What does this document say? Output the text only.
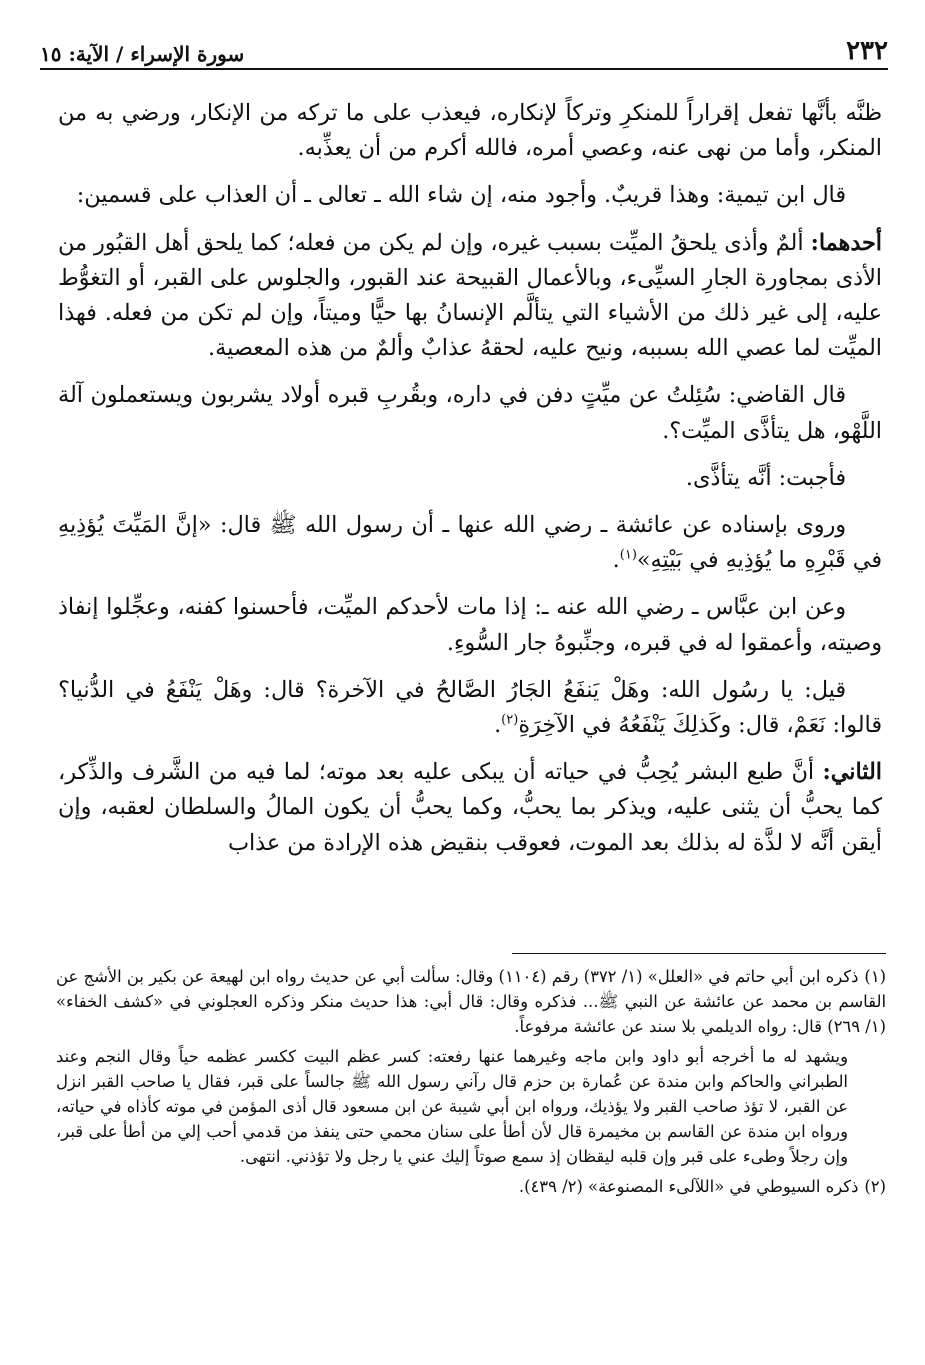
٢٣٢
سورة الإسراء / الآية: ١٥

ظنَّه بأنَّها تفعل إقراراً للمنكرِ وتركاً لإنكاره، فيعذب على ما تركه من الإنكار، ورضي به من المنكر، وأما من نهى عنه، وعصي أمره، فالله أكرم من أن يعذِّبه.

قال ابن تيمية: وهذا قريبٌ. وأجود منه، إن شاء الله ـ تعالى ـ أن العذاب على قسمين:

أحدهما: ألمٌ وأذى يلحقُ الميِّت بسبب غيره، وإن لم يكن من فعله؛ كما يلحق أهل القبُور من الأذى بمجاورة الجارِ السيِّىء، وبالأعمال القبيحة عند القبور، والجلوس على القبر، أو التغوُّط عليه، إلى غير ذلك من الأشياء التي يتألَّم الإنسانُ بها حيًّا وميتاً، وإن لم تكن من فعله. فهذا الميِّت لما عصي الله بسببه، ونيح عليه، لحقهُ عذابٌ وألمٌ من هذه المعصية.

قال القاضي: سُئِلتُ عن ميِّتٍ دفن في داره، وبقُربِ قبره أولاد يشربون ويستعملون آلة اللَّهْو، هل يتأذَّى الميِّت؟.

فأجبت: أنَّه يتأذَّى.

وروى بإسناده عن عائشة ـ رضي الله عنها ـ أن رسول الله ﷺ قال: «إنَّ المَيِّتَ يُؤذِيهِ في قَبْرِهِ ما يُؤذِيهِ في بَيْتِهِ»$^{(١)}$.

وعن ابن عبَّاس ـ رضي الله عنه ـ: إذا مات لأحدكم الميِّت، فأحسنوا كفنه، وعجِّلوا إنفاذ وصيته، وأعمقوا له في قبره، وجنِّبوهُ جار السُّوءِ.

قيل: يا رسُول الله: وهَلْ يَنفَعُ الجَارُ الصَّالحُ في الآخرة؟ قال: وهَلْ يَنْفَعُ في الدُّنيا؟ قالوا: نَعَمْ، قال: وكَذلِكَ يَنْفَعُهُ في الآخِرَةِ$^{(٢)}$.

الثاني: أنَّ طبع البشر يُحِبُّ في حياته أن يبكى عليه بعد موته؛ لما فيه من الشَّرف والذِّكر، كما يحبُّ أن يثنى عليه، ويذكر بما يحبُّ، وكما يحبُّ أن يكون المالُ والسلطان لعقبه، وإن أيقن أنَّه لا لذَّة له بذلك بعد الموت، فعوقب بنقيض هذه الإرادة من عذاب

(١)ذكره ابن أبي حاتم في «العلل» (١/ ٣٧٢) رقم (١١٠٤) وقال: سألت أبي عن حديث رواه ابن لهيعة عن بكير بن الأشج عن القاسم بن محمد عن عائشة عن النبي ﷺ... فذكره وقال: قال أبي: هذا حديث منكر وذكره العجلوني في «كشف الخفاء» (١/ ٢٦٩) قال: رواه الديلمي بلا سند عن عائشة مرفوعاً.

ويشهد له ما أخرجه أبو داود وابن ماجه وغيرهما عنها رفعته: كسر عظم البيت ككسر عظمه حياً وقال النجم وعند الطبراني والحاكم وابن مندة عن عُمارة بن حزم قال رآني رسول الله ﷺ جالساً على قبر، فقال يا صاحب القبر انزل عن القبر، لا تؤذ صاحب القبر ولا يؤذيك، ورواه ابن أبي شيبة عن ابن مسعود قال أذى المؤمن في موته كأذاه في حياته، ورواه ابن مندة عن القاسم بن مخيمرة قال لأن أطأ على سنان محمي حتى ينفذ من قدمي أحب إلي من أطأ على قبر، وإن رجلاً وطىء على قبر وإن قلبه ليقظان إذ سمع صوتاً إليك عني يا رجل ولا تؤذني. انتهى.

(٢)ذكره السيوطي في «اللآلىء المصنوعة» (٢/ ٤٣٩).
